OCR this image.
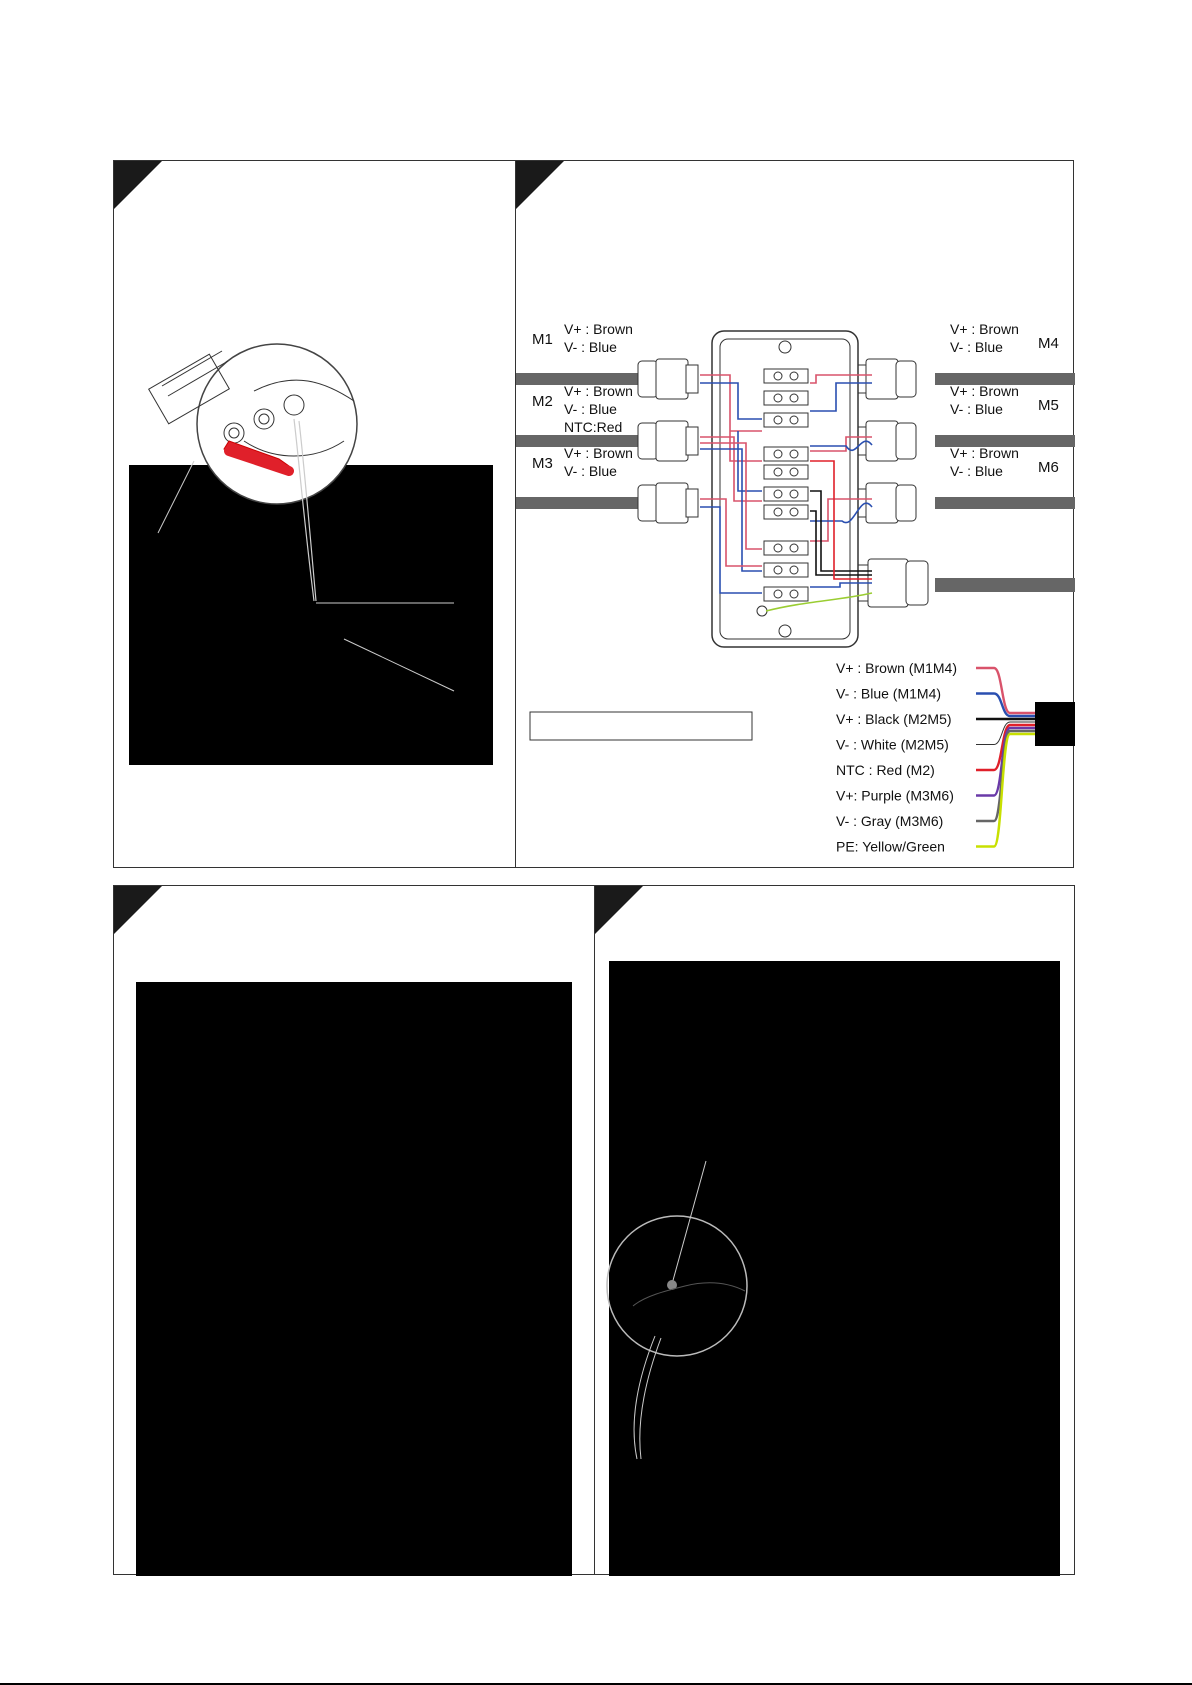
M1
V+ : Brown
V- : Blue
M2
V+ : Brown
V- : Blue
NTC:Red
M3
V+ : Brown
V- : Blue
M4
V+ : Brown
V- : Blue
M5
V+ : Brown
V- : Blue
M6
V+ : Brown
V- : Blue
V+ : Brown (M1M4)
V- : Blue (M1M4)
V+ : Black (M2M5)
V- : White (M2M5)
NTC : Red (M2)
V+: Purple (M3M6)
V- : Gray (M3M6)
PE: Yellow/Green
